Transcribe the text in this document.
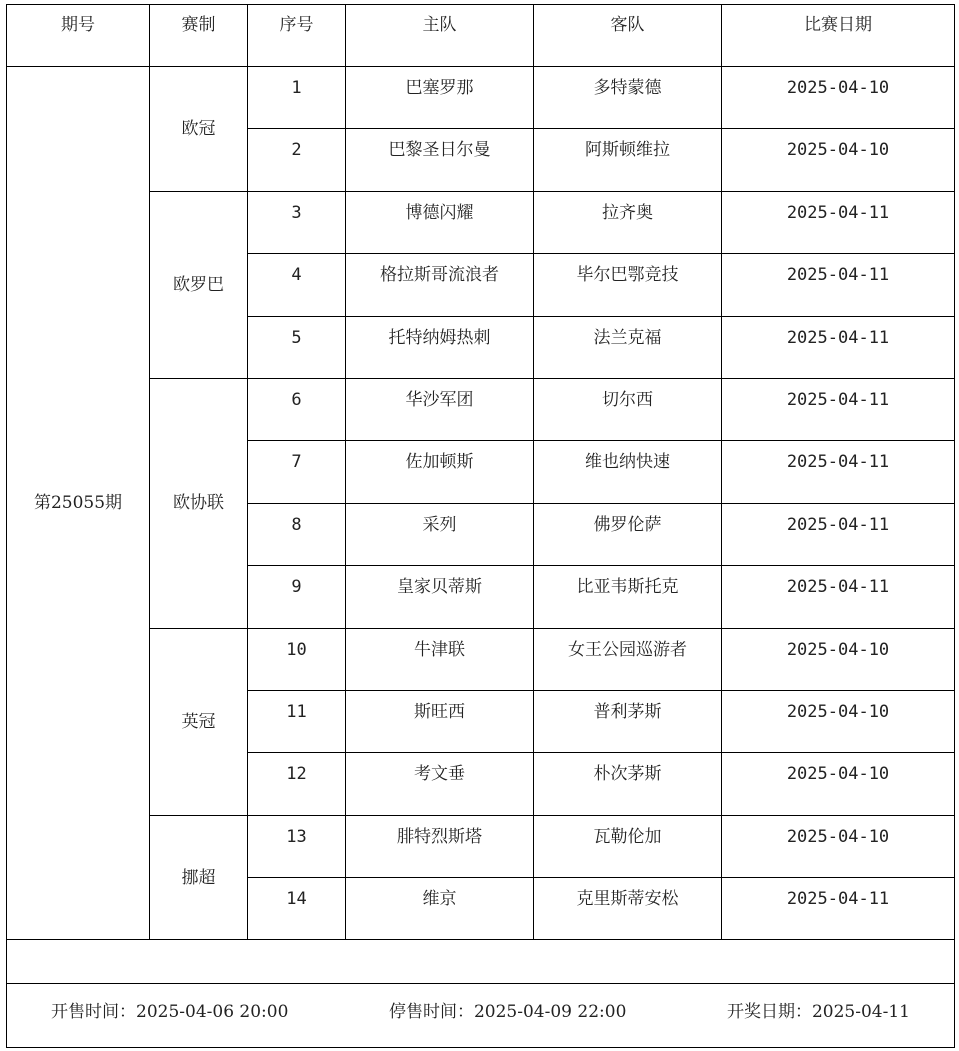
期号	赛制	序号	主队	客队	比赛日期
第25055期	欧冠	1	巴塞罗那	多特蒙德	2025-04-10
		2	巴黎圣日尔曼	阿斯顿维拉	2025-04-10
	欧罗巴	3	博德闪耀	拉齐奥	2025-04-11
		4	格拉斯哥流浪者	毕尔巴鄂竞技	2025-04-11
		5	托特纳姆热刺	法兰克福	2025-04-11
	欧协联	6	华沙军团	切尔西	2025-04-11
		7	佐加顿斯	维也纳快速	2025-04-11
		8	采列	佛罗伦萨	2025-04-11
		9	皇家贝蒂斯	比亚韦斯托克	2025-04-11
	英冠	10	牛津联	女王公园巡游者	2025-04-10
		11	斯旺西	普利茅斯	2025-04-10
		12	考文垂	朴次茅斯	2025-04-10
	挪超	13	腓特烈斯塔	瓦勒伦加	2025-04-10
		14	维京	克里斯蒂安松	2025-04-11

开售时间：2025-04-06 20:00 停售时间：2025-04-09 22:00 开奖日期：2025-04-11					
